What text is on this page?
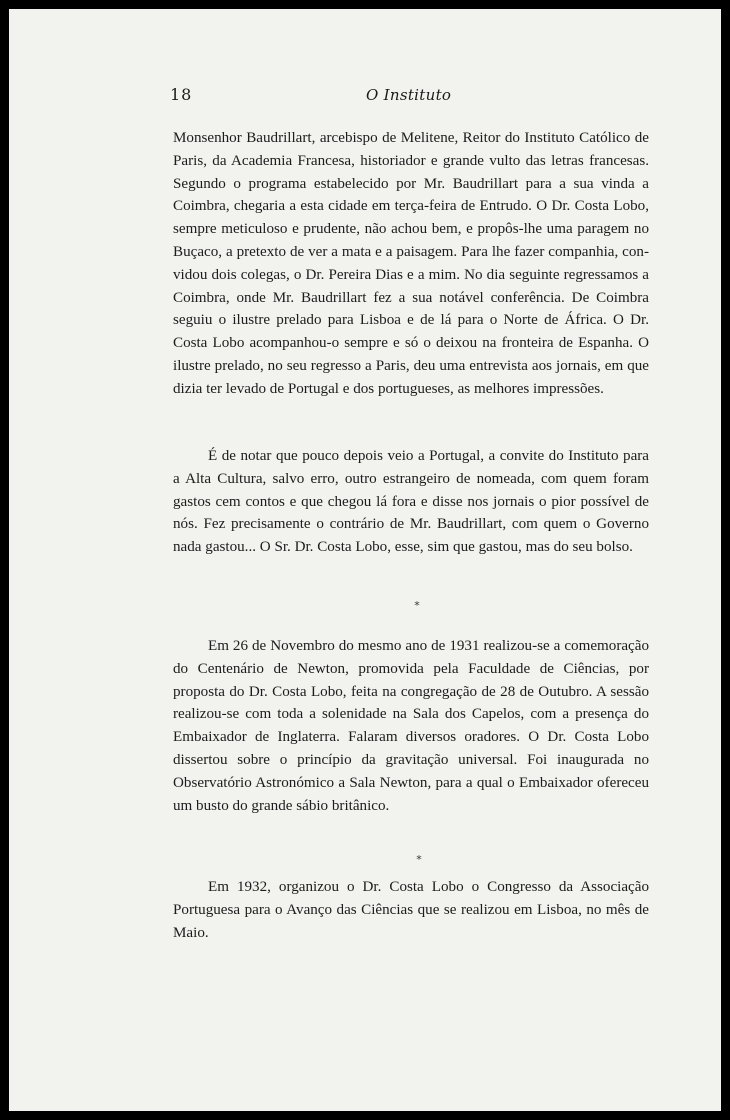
18	O Instituto

Monsenhor Baudrillart, arcebispo de Melitene, Reitor do Instituto Católico de Paris, da Academia Francesa, historiador e grande vulto das letras francesas. Segundo o programa estabelecido por Mr. Baudrillart para a sua vinda a Coimbra, chegaria a esta cidade em terça-feira de Entrudo. O Dr. Costa Lobo, sempre meticuloso e prudente, não achou bem, e propôs-lhe uma paragem no Buçaco, a pretexto de ver a mata e a paisagem. Para lhe fazer companhia, convidou dois colegas, o Dr. Pereira Dias e a mim. No dia seguinte regressamos a Coimbra, onde Mr. Baudrillart fez a sua notável conferência. De Coimbra seguiu o ilustre prelado para Lisboa e de lá para o Norte de África. O Dr. Costa Lobo acompanhou-o sempre e só o deixou na fronteira de Espanha. O ilustre prelado, no seu regresso a Paris, deu uma entrevista aos jornais, em que dizia ter levado de Portugal e dos portugueses, as melhores impressões.

É de notar que pouco depois veio a Portugal, a convite do Instituto para a Alta Cultura, salvo erro, outro estrangeiro de nomeada, com quem foram gastos cem contos e que chegou lá fora e disse nos jornais o pior possível de nós. Fez precisamente o contrário de Mr. Baudrillart, com quem o Governo nada gastou... O Sr. Dr. Costa Lobo, esse, sim que gastou, mas do seu bolso.

*

Em 26 de Novembro do mesmo ano de 1931 realizou-se a comemoração do Centenário de Newton, promovida pela Faculdade de Ciências, por proposta do Dr. Costa Lobo, feita na congregação de 28 de Outubro. A sessão realizou-se com toda a solenidade na Sala dos Capelos, com a presença do Embaixador de Inglaterra. Falaram diversos oradores. O Dr. Costa Lobo dissertou sobre o princípio da gravitação universal. Foi inaugurada no Observatório Astronómico a Sala Newton, para a qual o Embaixador ofereceu um busto do grande sábio britânico.

*

Em 1932, organizou o Dr. Costa Lobo o Congresso da Associação Portuguesa para o Avanço das Ciências que se realizou em Lisboa, no mês de Maio.
